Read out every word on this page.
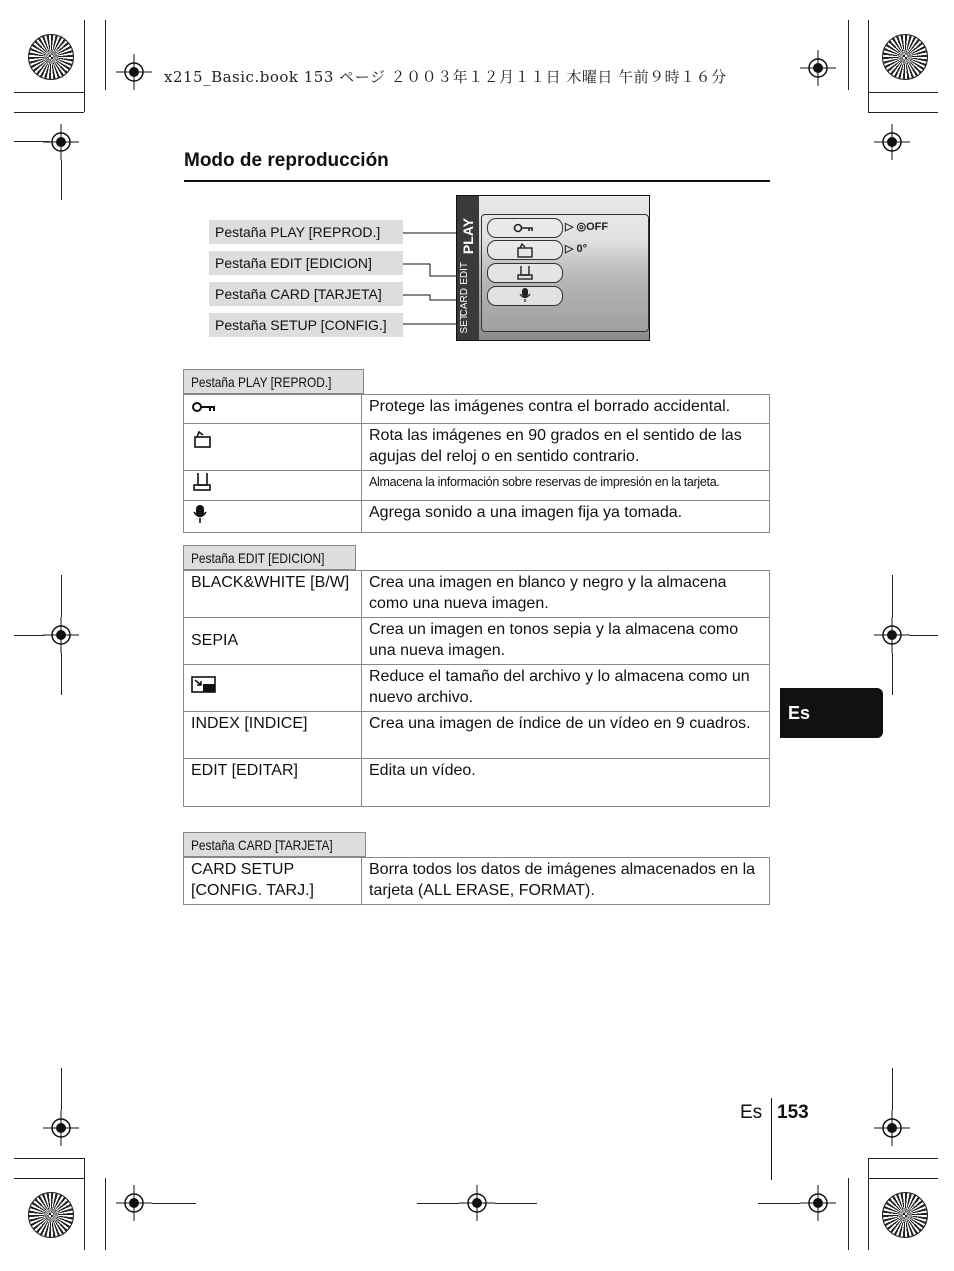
x215_Basic.book 153 ページ ２００３年１２月１１日 木曜日 午前９時１６分
Modo de reproducción
Pestaña PLAY [REPROD.]
Pestaña EDIT [EDICION]
Pestaña CARD [TARJETA]
Pestaña SETUP [CONFIG.]
PLAY
EDIT
CARD
SET
▷ ◎OFF
▷ 0°
Pestaña PLAY [REPROD.]
	Protege las imágenes contra el borrado accidental.
	Rota las imágenes en 90 grados en el sentido de las agujas del reloj o en sentido contrario.
	Almacena la información sobre reservas de impresión en la tarjeta.
	Agrega sonido a una imagen fija ya tomada.
Pestaña EDIT [EDICION]
BLACK&WHITE [B/W]	Crea una imagen en blanco y negro y la almacena como una nueva imagen.
SEPIA	Crea un imagen en tonos sepia y la almacena como una nueva imagen.
	Reduce el tamaño del archivo y lo almacena como un nuevo archivo.
INDEX [INDICE]	Crea una imagen de índice de un vídeo en 9 cuadros.
EDIT [EDITAR]	Edita un vídeo.
Pestaña CARD [TARJETA]
CARD SETUP [CONFIG. TARJ.]	Borra todos los datos de imágenes almacenados en la tarjeta (ALL ERASE, FORMAT).
Es
Es 153
